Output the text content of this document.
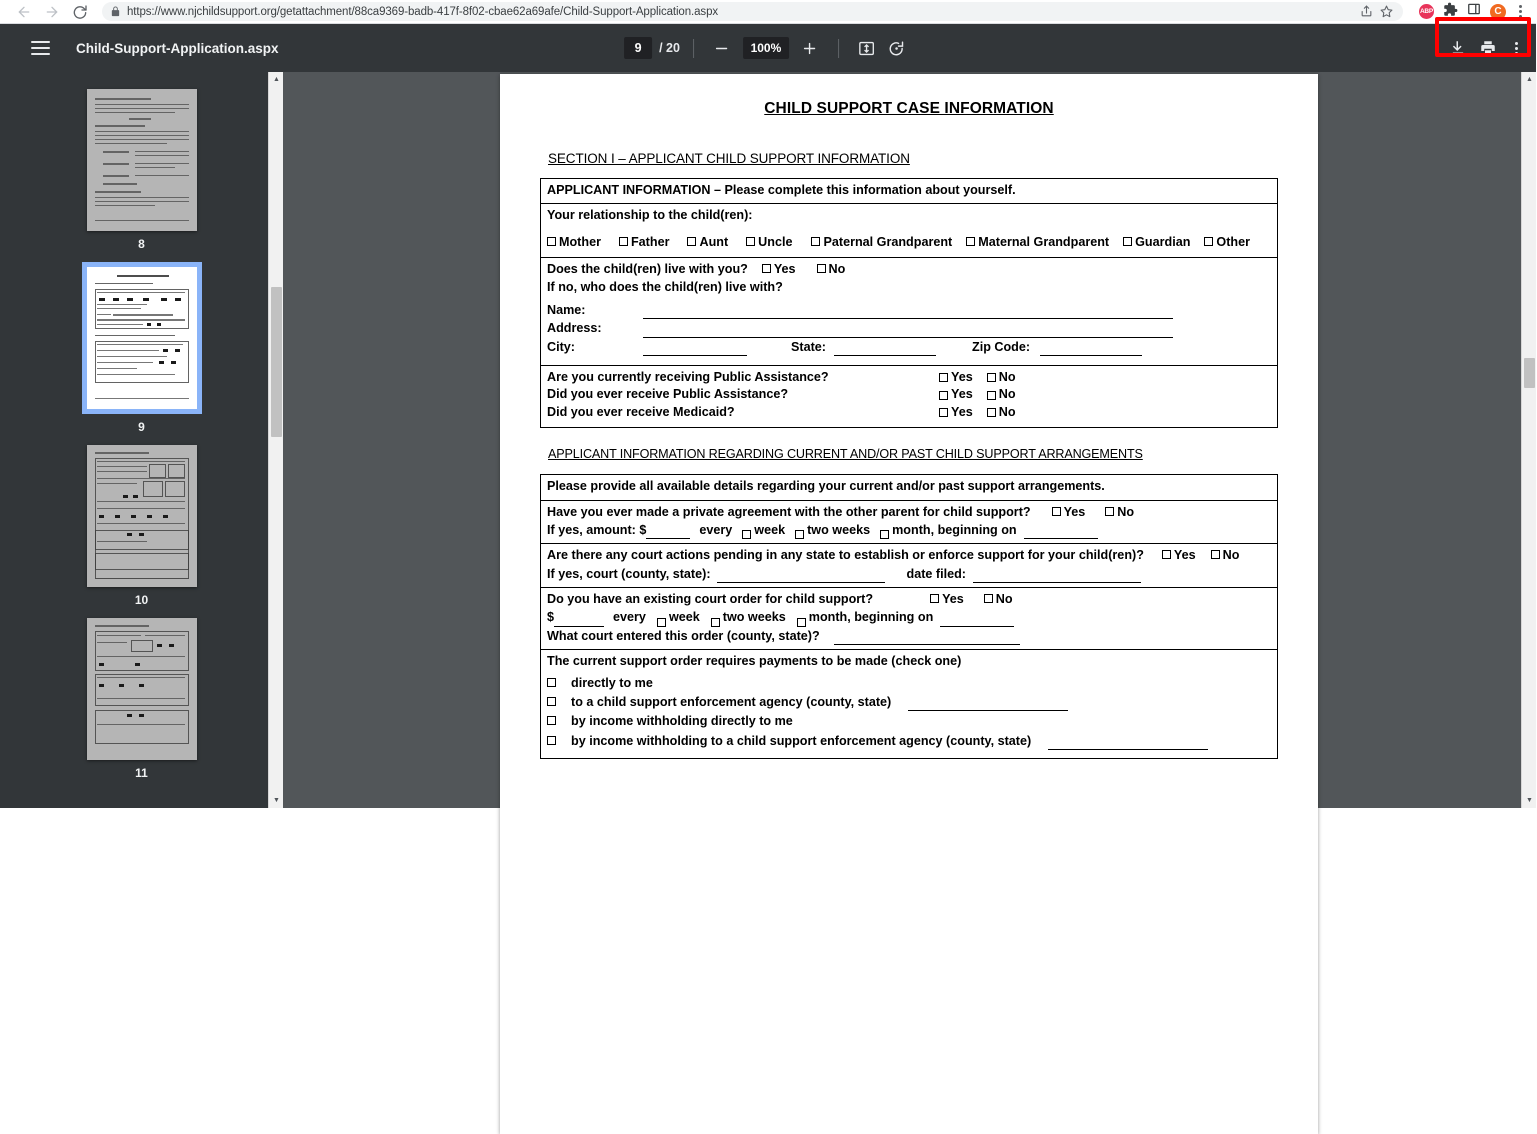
https://www.njchildsupport.org/getattachment/88ca9369-badb-417f-8f02-cbae62a69afe/Child-Support-Application.aspx	ABP	C
Child-Support-Application.aspx	9	/ 20	100%
8
9
10
11
▲
▼
CHILD SUPPORT CASE INFORMATION
SECTION I – APPLICANT CHILD SUPPORT INFORMATION
APPLICANT INFORMATION – Please complete this information about yourself.

Your relationship to the child(ren):
Mother Father Aunt Uncle Paternal Grandparent Maternal Grandparent Guardian Other

Does the child(ren) live with you? Yes	No
If no, who does the child(ren) live with?
Name:
Address:
City:	State:	Zip Code:

Are you currently receiving Public Assistance?	Yes No
Did you ever receive Public Assistance?	Yes No
Did you ever receive Medicaid?	Yes No
APPLICANT INFORMATION REGARDING CURRENT AND/OR PAST CHILD SUPPORT ARRANGEMENTS
Please provide all available details regarding your current and/or past support arrangements.

Have you ever made a private agreement with the other parent for child support?	Yes	No
If yes, amount: $	every week two weeks month, beginning on

Are there any court actions pending in any state to establish or enforce support for your child(ren)? Yes No
If yes, court (county, state):	date filed:

Do you have an existing court order for child support?	Yes	No
$	every week two weeks month, beginning on
What court entered this order (county, state)?

The current support order requires payments to be made (check one)
directly to me
to a child support enforcement agency (county, state)
by income withholding directly to me
by income withholding to a child support enforcement agency (county, state)
▲
▼
